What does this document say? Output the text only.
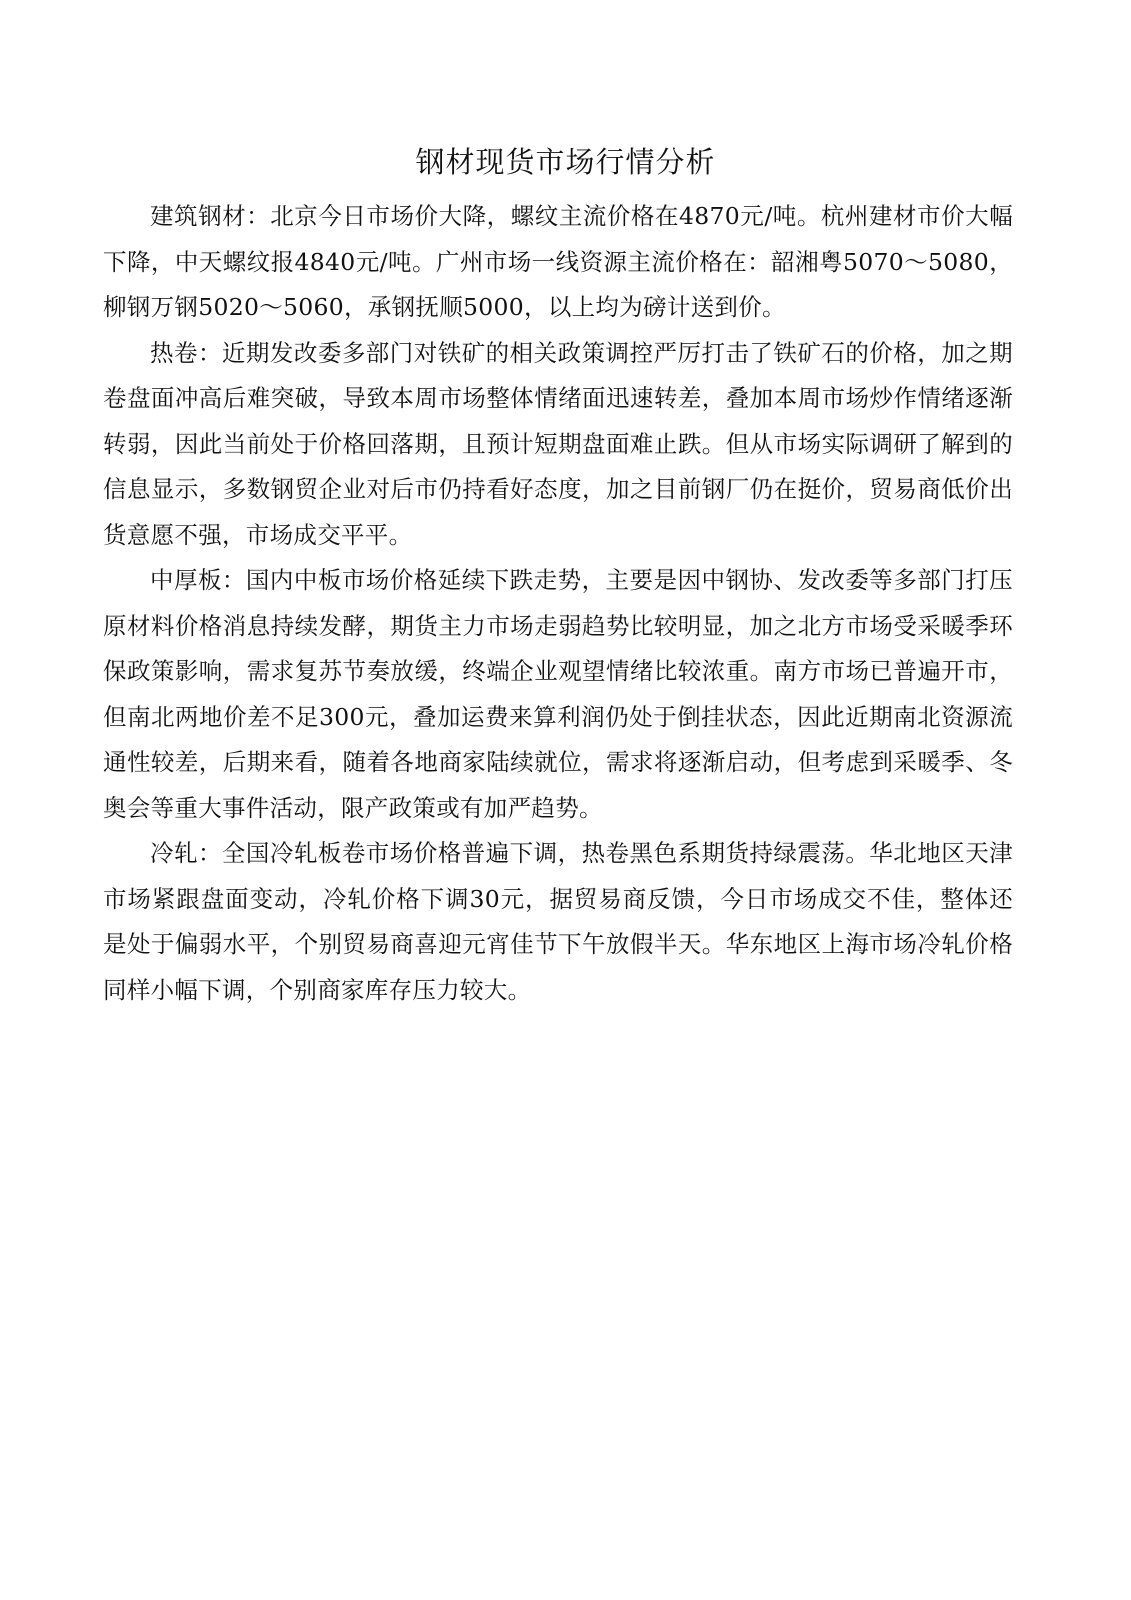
钢材现货市场行情分析

建筑钢材：北京今日市场价大降，螺纹主流价格在4870元/吨。杭州建材市价大幅下降，中天螺纹报4840元/吨。广州市场一线资源主流价格在：韶湘粤5070～5080，柳钢万钢5020～5060，承钢抚顺5000，以上均为磅计送到价。

热卷：近期发改委多部门对铁矿的相关政策调控严厉打击了铁矿石的价格，加之期卷盘面冲高后难突破，导致本周市场整体情绪面迅速转差，叠加本周市场炒作情绪逐渐转弱，因此当前处于价格回落期，且预计短期盘面难止跌。但从市场实际调研了解到的信息显示，多数钢贸企业对后市仍持看好态度，加之目前钢厂仍在挺价，贸易商低价出货意愿不强，市场成交平平。

中厚板：国内中板市场价格延续下跌走势，主要是因中钢协、发改委等多部门打压原材料价格消息持续发酵，期货主力市场走弱趋势比较明显，加之北方市场受采暖季环保政策影响，需求复苏节奏放缓，终端企业观望情绪比较浓重。南方市场已普遍开市，但南北两地价差不足300元，叠加运费来算利润仍处于倒挂状态，因此近期南北资源流通性较差，后期来看，随着各地商家陆续就位，需求将逐渐启动，但考虑到采暖季、冬奥会等重大事件活动，限产政策或有加严趋势。

冷轧：全国冷轧板卷市场价格普遍下调，热卷黑色系期货持绿震荡。华北地区天津市场紧跟盘面变动，冷轧价格下调30元，据贸易商反馈，今日市场成交不佳，整体还是处于偏弱水平，个别贸易商喜迎元宵佳节下午放假半天。华东地区上海市场冷轧价格同样小幅下调，个别商家库存压力较大。
